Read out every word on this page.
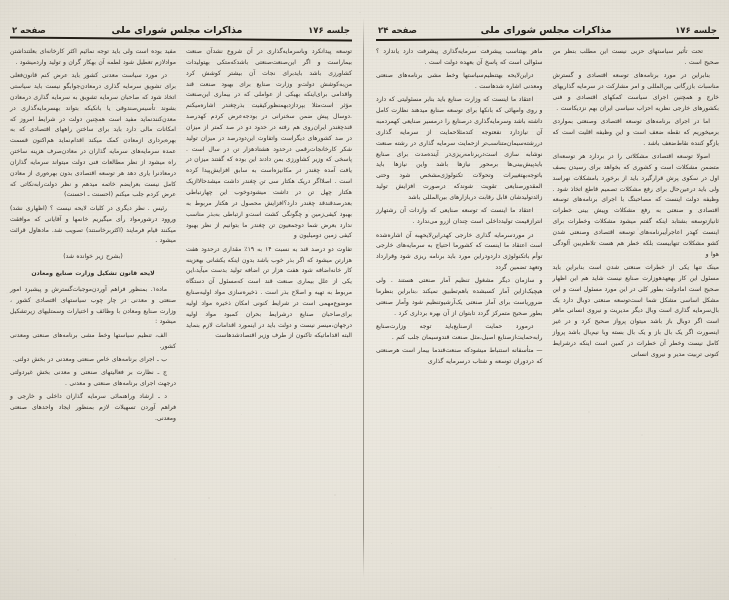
جلسه ۱۷۶
مذاکرات مجلس شورای ملی
صفحه ۲۴

تحت تأثیر سیاستهای حزبی نیست این مطلب بنظر من صحیح است .

بنابراین در مورد برنامه‌های توسعه اقتصادی و گسترش مناسبات بازرگانی بین‌المللی و امر مشارکت در سرمایه گذاریهای خارج و همچنین اجرای سیاست کمکهای اقتصادی و فنی بکشورهای خارجی نظریه احزاب سیاسی ایران بهم نزدیکاست .

اما در اجرای برنامه‌های توسعه اقتصادی وصنعتی بمواردی برمیخوریم که نقطه ضعف است و این وظیفه اقلیت است که بازگو کننده نقاط‌ضعف باشد .

اصولا توسعه اقتصادی مشکلاتی را در بردارد هر توسعه‌ای متضمن مشکلات است و کشوری که بخواهد برای رسیدن بصف اول در سکوی پرش قرارگیرد باید از برخورد بامشکلات نهراسد ولی باید درعین‌حال برای رفع مشکلات تصمیم قاطع اتخاذ شود . وظیفه دولت اینست که مصاحبتگ با اجرای برنامه‌های توسعه اقتصادی و صنعتی به رفع مشکلات وپیش بینی خطرات ثانیازتوسعه بشتابد اینکه گفتم میشود مشکلات وخطرات برای اینست کهدر اعاجرأیبرنامه‌های توسعه اقتصادی وصنعتی شدن کشو مشکلات تنهابیست بلکه خطر هم هست تلاطم‌بین آلودگی هوا و

مینک تنها یکی از خطرات صنعتی شدن است بنابراین باید مسئول این کار بهعهدهوزارت صنایع نیست شاید هم این اظهار صحیح است امادولت بطور کلی در این مورد مسئول است و این مشکل اساسی مشکل شما است‌توسعه صنعتی دوبال دارد یک بال‌سرمایه گذاری است وبال دیگر مدیریت و نیروی انسانی ماهر است اگر دوبال باز باشد میتوان پرواز صحیح کرد و در غیر اینصورت اگر یک بال باز و یک بال بسته وبا نیم‌بال باشد پرواز کامل نیست وخطر آن خطرات در کمین است اینکه درشرایط کنونی تربیت مدیر و نیروی انسانی

ماهر بهتناسب پیشرفت سرمایه‌گذاری پیشرفت دارد یاندارد ؟ سئوالی است که پاسخ آن بعهده دولت است .

دراین‌لایحه بهتنظیم‌سیاستها وخط مشی برنامه‌های صنعتی ومعدنی اشاره شدهاست .

اعتقاد ما اینست که وزارت صنایع باید بنابر مسئولیتی که دارد و روی وامهائی که بانکها برای توسعه صنایع میدهند نظارت کامل داشته باشد وسرمایه‌گذاری درصنایع را درمسیر صنایعی کهمردمبه آن نیازدارد نفعتوجه کندمثلاحمایت از سرمایه گذاری دررشته‌سیمان‌متناسب‌تر از‌حمایت سرمایه گذاری در رشته صنعت نوشابه سازی است‌در‌برنامه‌ریزی‌در آینده‌مدت برای صنایع بایدپیش‌بینی‌ها برمحور نیازها باشد واین نیازها باید باتوجه‌بهتغییرات وتحولات تکنولوژی‌مشخص شود وحتی المقدور‌صنایعی تقویت شوندکه درصورت افزایش تولید زائدتولیدشان قابل رقابت دربازارهای بین‌المللی باشد

اعتقاد ما اینست که توسعه صنایعی که واردات آن رشتهارز انترازقیمت تولیدداخلی است چندان ازرو می‌ندارد .

در موردسرمایه گذاری خارجی کهدراین‌لایحهبه آن اشاره‌شده است اعتقاد ما اینست که کشورما احتیاج به سرمایه‌های خارجی توأم باتکنولوژی داردودراین مورد باید برنامه ریزی شود وقرارداد وتعهد تضمین گردد

و سازمان دیگر مشغول تنظیم آمار صنعتی هستند . ولی هیچیک‌ازاین آمار کسبشده باهم‌تطبیق نمیکند ،بنابراین بنظرما ضروریاست برای آمار صنعتی یک‌آرشیو‌تنظیم شود وآمار صنعتی بطور صحیح متمرکز گردد تابتوان از آن بهره برداری کرد .

درمورد حمایت ازصنایع‌باید توجه وزارت‌صنایع را‌به‌حمایت‌از‌صنایع اصیل،مثل صنعت قندوسیمان جلب کنم .

— متأسفانه استنباط میشودکه صنعت‌قندما بیمار است هرصنعتی که دردوران توسعه و شتاب درسرمایه گذاری

جلسه ۱۷۶
مذاکرات مجلس شورای ملی
صفحه ۲

توسعه پیدانکرد وباسرمایه‌گذاری در آن شروع نشدآن صنعت بیمار‌است و اگر این‌صنعت‌صنعتی باشدکه‌متکی بهتولیدات کشاورزی باشد بایدبرای نجات آن بیشتر کوشش کرد من‌به‌کوشش دولت‌و وزارت صنایع برای بهبود صنعت قند واقدامی برای‌اینکه بهیکی از عواملی که در بیماری این‌صنعت مؤثر است‌مثلا بپردازدبهمنظورکیفیت بذرچغندر اشاره‌میکنم .دوسال پیش ضمن سخنرانی در بودجه‌عرض کردم کهدرصد قندچغندر ایران‌روی هم رفته در حدود دو در صد کمتر از میزان در صد کشورهای دیگر‌است واتفاوت این‌دو‌درصد در میزان تولید شکر کارخانجات‌رقمی درحدود هشتادهزار تن در سال است . پاسخی که وزیر کشاورزی بمن دادند این بوده که گفتند میزان در یافت آمده چغندر در مکانیزه‌است به سابق افزایش‌پیدا کرده است . اصلااگر دریک هکتار سی تن چغندر داشت میشدحالاازیک هکتار چهل تن در داشت میشود‌وخوب این چهارنباطی بعدر‌صدقندقد چغندر دارد؟افزایش محصول در هکتار مربوط به بهبود کیفی‌زمین و چگونگی کشت است‌و ارتباطی به‌بذر مناسب ندارد بعرض شما دوجمعیون تن چغندر ما بتوانیم از نظر بهبود کیفی زمین دومیلیون و

تفاوت دو درصد قند به نسبت ۱۴ به ۱۹٪ مقداری درحدود هفت هزارتن میشود که اگر بذر خوب باشد بدون اینکه یکشانی بهعزینه کار خانه‌اضافه شود هفت هزار تن اضافه تولید بدست میآید،این یکی از علل بیماری صنعت قند است که‌مسئول آن دستگاه مربوط به تهیه و اصلاح بذر است . ذخیره‌سازی مواد اولیه‌صنایع موضوع‌مهمی است در شرایط کنونی امکان ذخیره مواد اولیه برای‌صاحبان صنایع درشرایط بحران کمبود مواد اولیه درجهان،میسر نیست و دولت باید در اینمورد اقدامات لازم بنماید البته اقداماتیکه تاکنون از طرف وزیر اقتصادشدهاست

مفید بوده است ولی باید توجه نمائیم اکثر کارخانه‌ای بعلتنداشتن موادلازم تعطیل شود لطمه آن بهکار گران و تولید واردمیشود .

در مورد سیاست معدنی کشور باید عرض کنم قانون‌فعلی برای تشویق سرمایه گذاری درمعادن‌جوابگو نیست باید سیاستی اتخاذ شود که صاحبان سرمایه تشویق به سرمایه گذاری درمعادن بشوند تأسیس‌صندوقی یا بانکیکه بتواند بهسرمایه‌گذاری در معدن‌کنندنماید مفید است همچنین دولت در شرایط امروز که امکانات مالی دارد باید برای ساختن راههای اقتصادی که به بهره‌برداری ازمعادن کمک میکند اقدام‌نماید هم‌اکنون قسمت عمده سرمایه‌های سرمایه گذاران در معادن‌صرف هزینه ساختن راه میشود از نظر مطالعات فنی دولت میتواند سرمایه گذاران درمعادنرا یاری دهد هر توسعه اقتصادی بدون بهره‌وری از معادن کامل نیست بعرایضم خاتمه میدهم و نظر دولت‌را‌به‌نکاتی که عرض کردم جلب میکنم (احسنت ـ احسنت)

رئیس . نظر دیگری در کلیات لایحه نیست ؟ (اظهاری نشد) وروود درشورمواد رأی میگیریم خانمها و آقایانی که موافقت میکنند قیام فرمایند (اکثربرخاستند) تصویب شد. مادهاول قرائت میشود .

(بشرح زیر خوانده شد)

لایحه قانون تشکیل وزارت صنایع ومعادن

ماده۱. بمنظور فراهم آوردن‌موجبات‌گسترش و پیشبرد امور صنعتی و معدنی در چار چوب سیاستهای اقتصادی کشور ، وزارت صنایع ومعادن با وظائف و اختیارات وسمتلیهای زیرتشکیل میشود :

الف، تنظیم سیاستها وخط مشی برنامه‌های صنعتی ومعدنی کشور.

ب ـ اجرای برنامه‌های خاص صنعتی ومعدنی در بخش دولتی.

ج ـ نظارت بر فعالیتهای صنعتی و معدنی بخش غیردولتی درجهت اجرای برنامه‌های صنعتی و معدنی .

د ـ ارشاد وراهنمائی سرمایه گذاران داخلی و خارجی و فراهم آوردن تسهیلات لازم بمنظور ایجاد واحدهای صنعتی ومعدنی.
